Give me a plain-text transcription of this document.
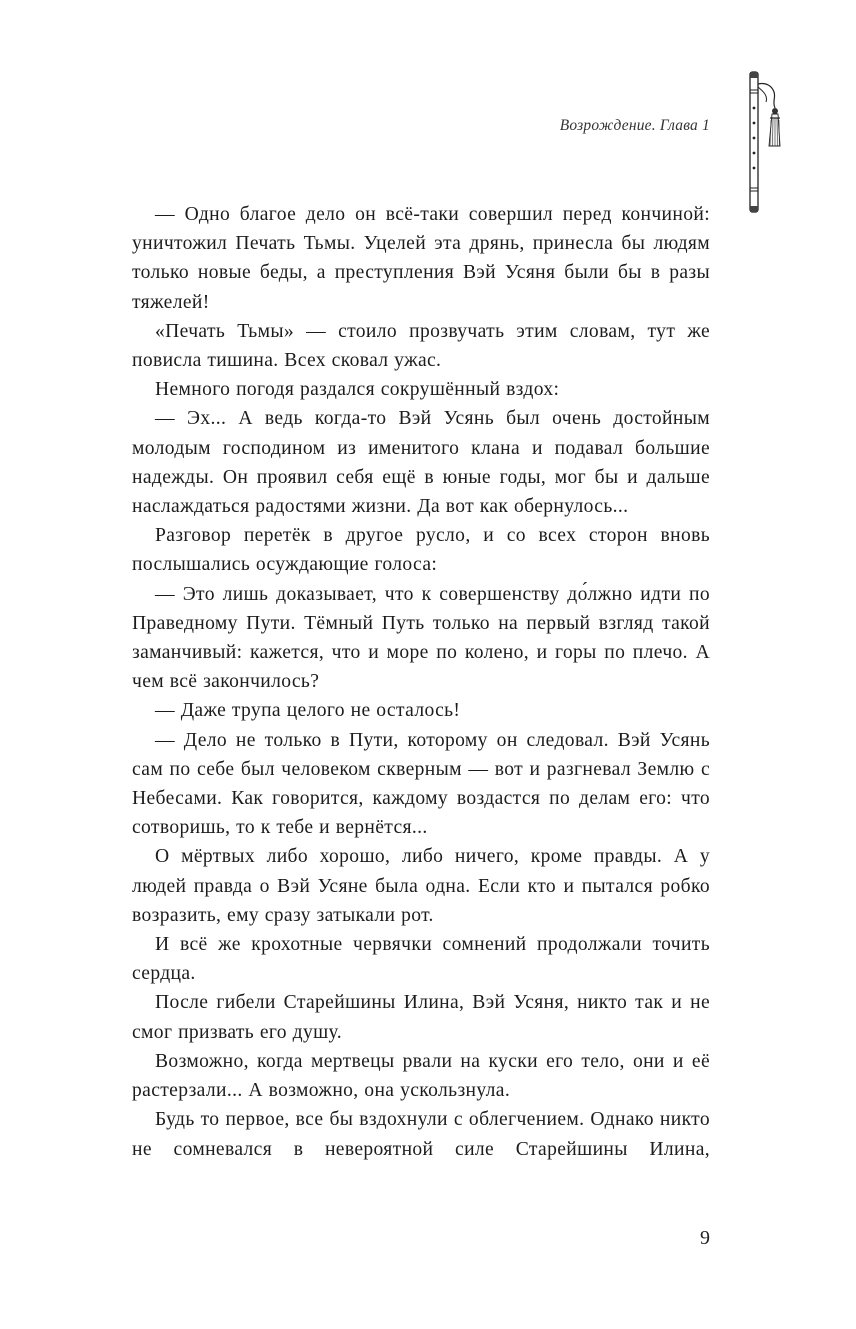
Возрождение. Глава 1

— Одно благое дело он всё-таки совершил перед кончиной: уничтожил Печать Тьмы. Уцелей эта дрянь, принесла бы людям только новые беды, а преступления Вэй Усяня были бы в разы тяжелей!

«Печать Тьмы» — стоило прозвучать этим словам, тут же повисла тишина. Всех сковал ужас.

Немного погодя раздался сокрушённый вздох:

— Эх... А ведь когда-то Вэй Усянь был очень достойным молодым господином из именитого клана и подавал большие надежды. Он проявил себя ещё в юные годы, мог бы и дальше наслаждаться радостями жизни. Да вот как обернулось...

Разговор перетёк в другое русло, и со всех сторон вновь послышались осуждающие голоса:

— Это лишь доказывает, что к совершенству до́лжно идти по Праведному Пути. Тёмный Путь только на первый взгляд такой заманчивый: кажется, что и море по колено, и горы по плечо. А чем всё закончилось?

— Даже трупа целого не осталось!

— Дело не только в Пути, которому он следовал. Вэй Усянь сам по себе был человеком скверным — вот и разгневал Землю с Небесами. Как говорится, каждому воздастся по делам его: что сотворишь, то к тебе и вернётся...

О мёртвых либо хорошо, либо ничего, кроме правды. А у людей правда о Вэй Усяне была одна. Если кто и пытался робко возразить, ему сразу затыкали рот.

И всё же крохотные червячки сомнений продолжали точить сердца.

После гибели Старейшины Илина, Вэй Усяня, никто так и не смог призвать его душу.

Возможно, когда мертвецы рвали на куски его тело, они и её растерзали... А возможно, она ускользнула.

Будь то первое, все бы вздохнули с облегчением. Однако никто не сомневался в невероятной силе Старейшины Илина,

9
